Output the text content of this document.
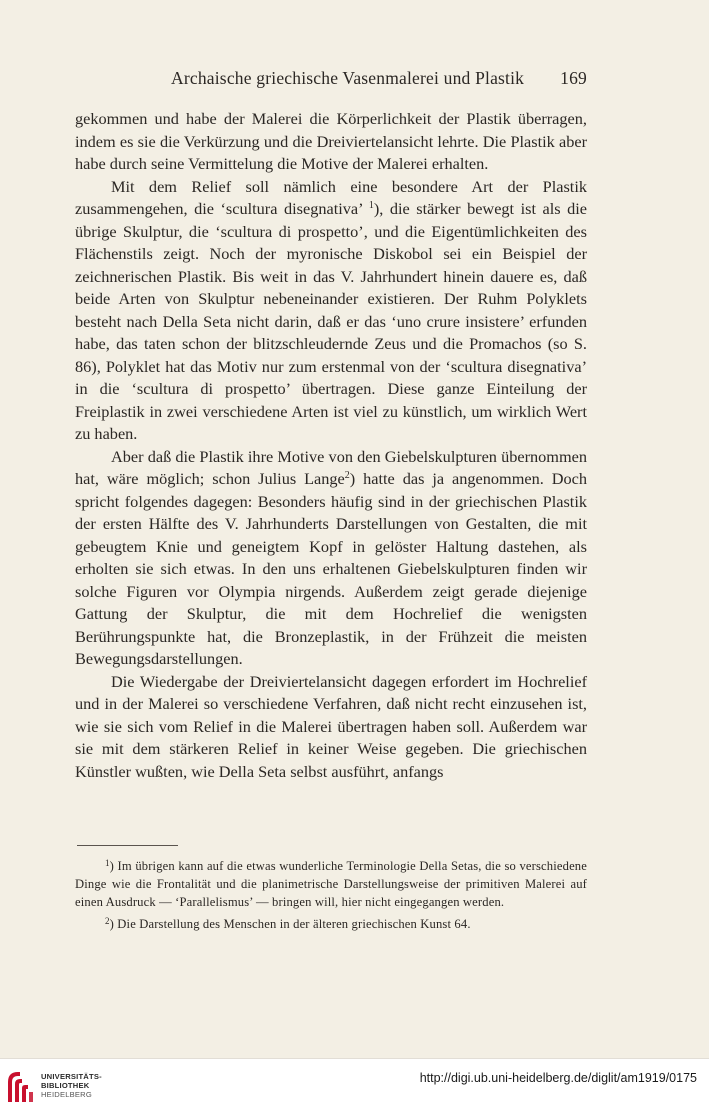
Archaische griechische Vasenmalerei und Plastik 169

gekommen und habe der Malerei die Körperlichkeit der Plastik überragen, indem es sie die Verkürzung und die Dreiviertelansicht lehrte. Die Plastik aber habe durch seine Vermittelung die Motive der Malerei erhalten.

Mit dem Relief soll nämlich eine besondere Art der Plastik zusammengehen, die ‘scultura disegnativa’ $^1$), die stärker bewegt ist als die übrige Skulptur, die ‘scultura di prospetto’, und die Eigentümlichkeiten des Flächenstils zeigt. Noch der myronische Diskobol sei ein Beispiel der zeichnerischen Plastik. Bis weit in das V. Jahrhundert hinein dauere es, daß beide Arten von Skulptur nebeneinander existieren. Der Ruhm Polyklets besteht nach Della Seta nicht darin, daß er das ‘uno crure insistere’ erfunden habe, das taten schon der blitzschleudernde Zeus und die Promachos (so S. 86), Polyklet hat das Motiv nur zum erstenmal von der ‘scultura disegnativa’ in die ‘scultura di prospetto’ übertragen. Diese ganze Einteilung der Freiplastik in zwei verschiedene Arten ist viel zu künstlich, um wirklich Wert zu haben.

Aber daß die Plastik ihre Motive von den Giebelskulpturen übernommen hat, wäre möglich; schon Julius Lange$^2$) hatte das ja angenommen. Doch spricht folgendes dagegen: Besonders häufig sind in der griechischen Plastik der ersten Hälfte des V. Jahrhunderts Darstellungen von Gestalten, die mit gebeugtem Knie und geneigtem Kopf in gelöster Haltung dastehen, als erholten sie sich etwas. In den uns erhaltenen Giebelskulpturen finden wir solche Figuren vor Olympia nirgends. Außerdem zeigt gerade diejenige Gattung der Skulptur, die mit dem Hochrelief die wenigsten Berührungspunkte hat, die Bronzeplastik, in der Frühzeit die meisten Bewegungsdarstellungen.

Die Wiedergabe der Dreiviertelansicht dagegen erfordert im Hochrelief und in der Malerei so verschiedene Verfahren, daß nicht recht einzusehen ist, wie sie sich vom Relief in die Malerei übertragen haben soll. Außerdem war sie mit dem stärkeren Relief in keiner Weise gegeben. Die griechischen Künstler wußten, wie Della Seta selbst ausführt, anfangs

$^1$) Im übrigen kann auf die etwas wunderliche Terminologie Della Setas, die so verschiedene Dinge wie die Frontalität und die planimetrische Darstellungsweise der primitiven Malerei auf einen Ausdruck — ‘Parallelismus’ — bringen will, hier nicht eingegangen werden.

$^2$) Die Darstellung des Menschen in der älteren griechischen Kunst 64.

UNIVERSITÄTS-
BIBLIOTHEK
HEIDELBERG
http://digi.ub.uni-heidelberg.de/diglit/am1919/0175
